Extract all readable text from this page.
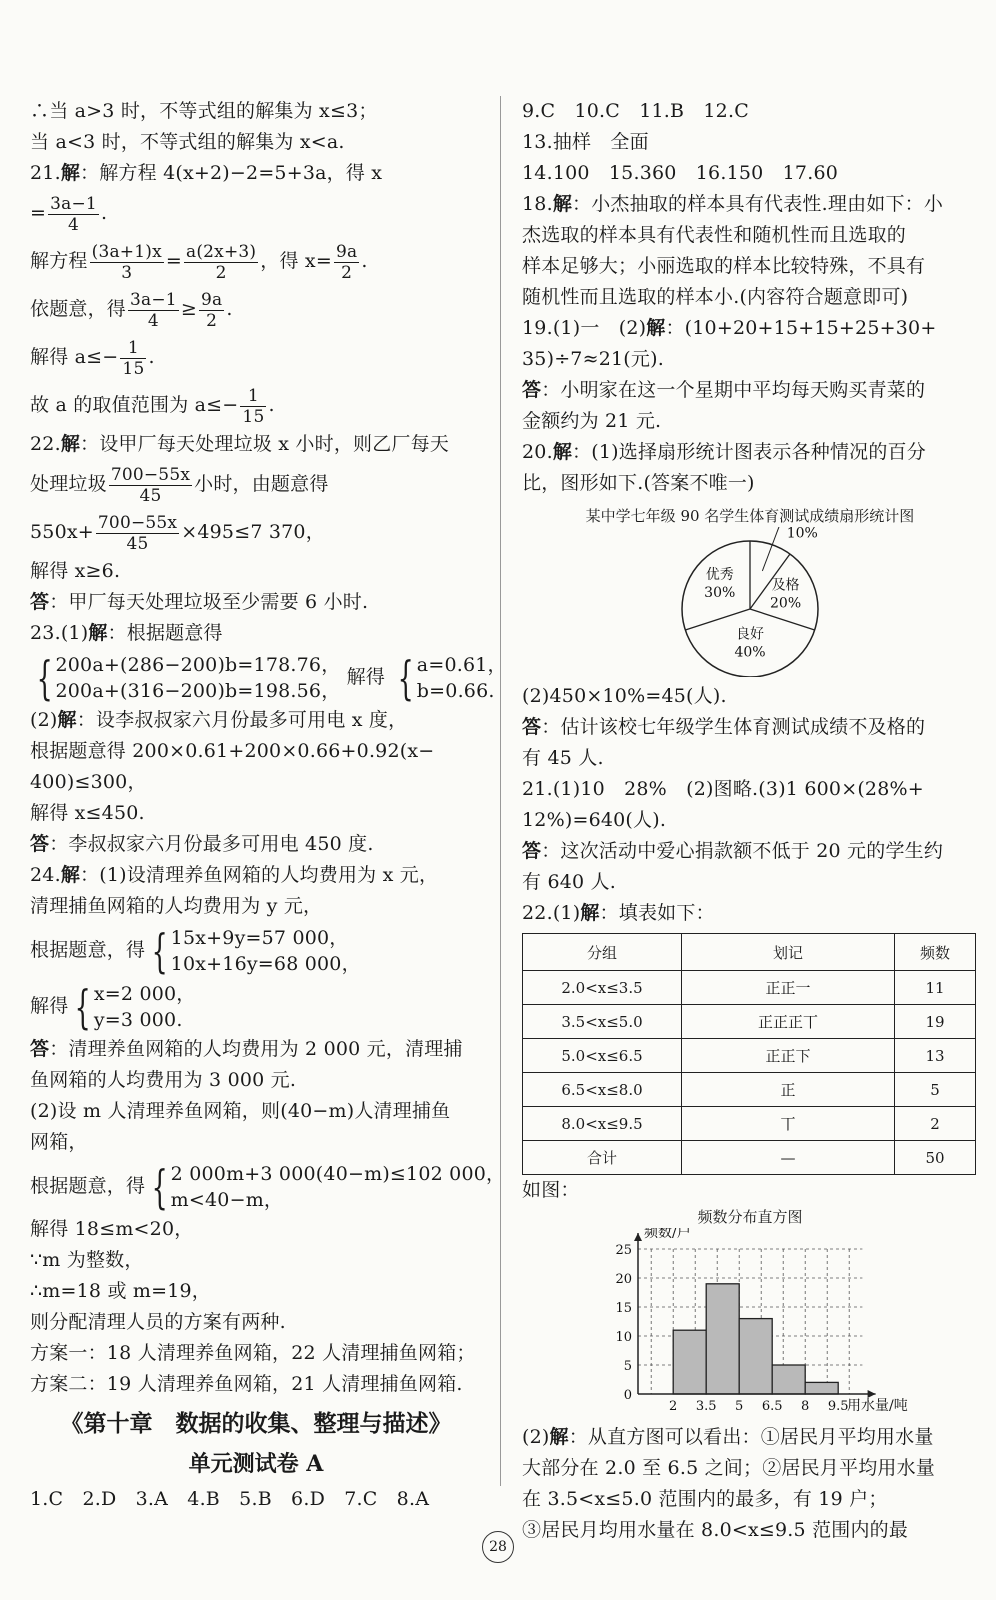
∴当 a>3 时，不等式组的解集为 x≤3；
当 a<3 时，不等式组的解集为 x<a.
21.解：解方程 4(x+2)−2=5+3a，得 x
= $\frac{3a-1}{4}$ .
解方程 $\frac{(3a+1)x}{3} = \frac{a(2x+3)}{2}$ ，得 $x= \frac{9a}{2}$ .
依题意，得 $\frac{3a-1}{4} \ge \frac{9a}{2}$ .
解得 $a\le- \frac{1}{15}$ .
故 a 的取值范围为 $a\le- \frac{1}{15}$ .
22.解：设甲厂每天处理垃圾 x 小时，则乙厂每天
处理垃圾 $\frac{700-55x}{45}$ 小时，由题意得
$550x+ \frac{700-55x}{45} \times 495\le 7$ 370，
解得 x≥6.
答：甲厂每天处理垃圾至少需要 6 小时.
23.(1)解：根据题意得
{ 200a+(286−200)b=178.76，
200a+(316−200)b=198.56，
解得 { a=0.61，
b=0.66.
(2)解：设李叔叔家六月份最多可用电 x 度，
根据题意得 200×0.61+200×0.66+0.92(x−
400)≤300，
解得 x≤450.
答：李叔叔家六月份最多可用电 450 度.
24.解：(1)设清理养鱼网箱的人均费用为 x 元，
清理捕鱼网箱的人均费用为 y 元，
根据题意，得 { 15x+9y=57 000，
10x+16y=68 000，
解得 { x=2 000，
y=3 000.
答：清理养鱼网箱的人均费用为 2 000 元，清理捕
鱼网箱的人均费用为 3 000 元.
(2)设 m 人清理养鱼网箱，则(40−m)人清理捕鱼
网箱，
根据题意，得 { 2 000m+3 000(40−m)≤102 000，
m<40−m，
解得 18≤m<20，
∵m 为整数，
∴m=18 或 m=19，
则分配清理人员的方案有两种.
方案一：18 人清理养鱼网箱，22 人清理捕鱼网箱；
方案二：19 人清理养鱼网箱，21 人清理捕鱼网箱.
《第十章　数据的收集、整理与描述》
单元测试卷 A
1.C　2.D　3.A　4.B　5.B　6.D　7.C　8.A
9.C　10.C　11.B　12.C
13.抽样　全面
14.100　15.360　16.150　17.60
18.解：小杰抽取的样本具有代表性.理由如下：小
杰选取的样本具有代表性和随机性而且选取的
样本足够大；小丽选取的样本比较特殊，不具有
随机性而且选取的样本小.(内容符合题意即可)
19.(1)一　(2)解：(10+20+15+15+25+30+
35)÷7≈21(元).
答：小明家在这一个星期中平均每天购买青菜的
金额约为 21 元.
20.解：(1)选择扇形统计图表示各种情况的百分
比，图形如下.(答案不唯一)
某中学七年级 90 名学生体育测试成绩扇形统计图
10%
及格
20%
良好
40%
优秀
30%
(2)450×10%=45(人).
答：估计该校七年级学生体育测试成绩不及格的
有 45 人.
21.(1)10　28%　(2)图略.(3)1 600×(28%+
12%)=640(人).
答：这次活动中爱心捐款额不低于 20 元的学生约
有 640 人.
22.(1)解：填表如下：
分组	划记	频数
2.0<x≤3.5	正正一	11
3.5<x≤5.0	正正正丅	19
5.0<x≤6.5	正正下	13
6.5<x≤8.0	正	5
8.0<x≤9.5	丅	2
合计	—	50
如图：
频数分布直方图
0
5
10
15
20
25
2 3.5 5 6.5 8 9.5
频数/户
用水量/吨
(2)解：从直方图可以看出：①居民月平均用水量
大部分在 2.0 至 6.5 之间；②居民月平均用水量
在 3.5<x≤5.0 范围内的最多，有 19 户；
③居民月均用水量在 8.0<x≤9.5 范围内的最
28
